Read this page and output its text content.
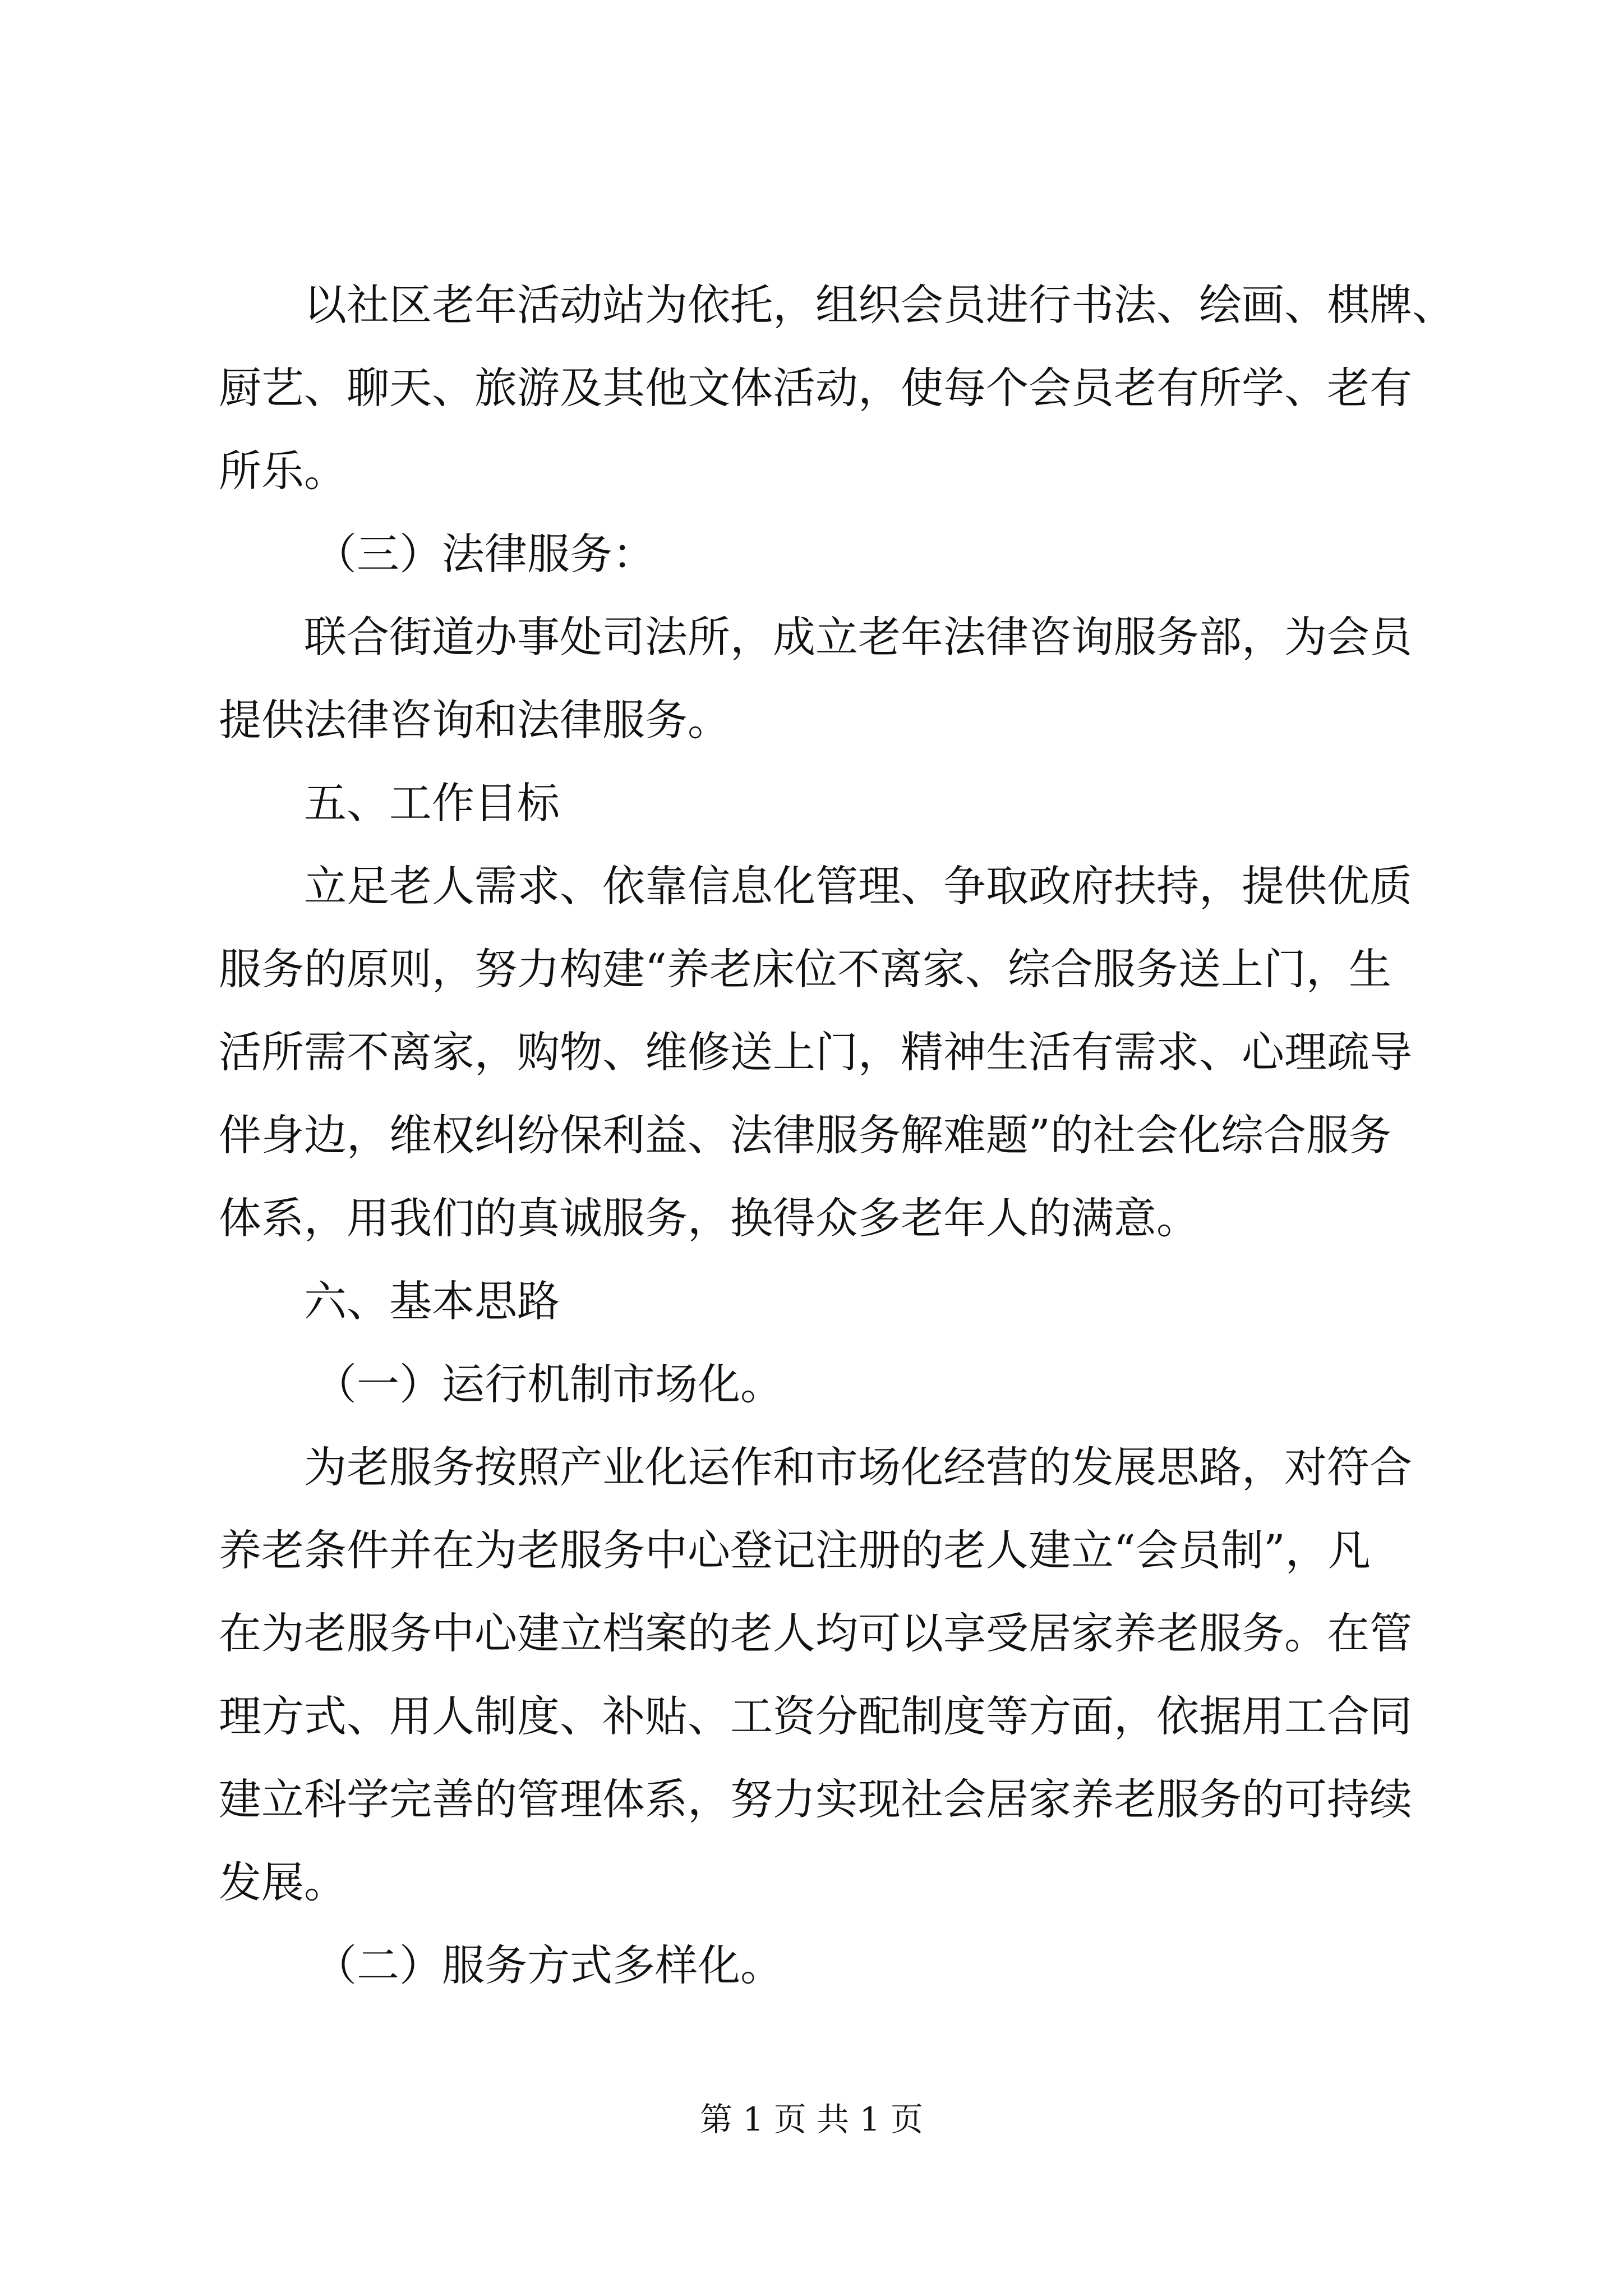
以社区老年活动站为依托，组织会员进行书法、绘画、棋牌、
厨艺、聊天、旅游及其他文体活动，使每个会员老有所学、老有
所乐。
（三）法律服务：
联合街道办事处司法所，成立老年法律咨询服务部，为会员
提供法律咨询和法律服务。
五、工作目标
立足老人需求、依靠信息化管理、争取政府扶持，提供优质
服务的原则，努力构建“养老床位不离家、综合服务送上门，生
活所需不离家，购物、维修送上门，精神生活有需求、心理疏导
伴身边，维权纠纷保利益、法律服务解难题”的社会化综合服务
体系，用我们的真诚服务，换得众多老年人的满意。
六、基本思路
（一）运行机制市场化。
为老服务按照产业化运作和市场化经营的发展思路，对符合
养老条件并在为老服务中心登记注册的老人建立“会员制”，凡
在为老服务中心建立档案的老人均可以享受居家养老服务。在管
理方式、用人制度、补贴、工资分配制度等方面，依据用工合同
建立科学完善的管理体系，努力实现社会居家养老服务的可持续
发展。
（二）服务方式多样化。
第 1 页 共 1 页
